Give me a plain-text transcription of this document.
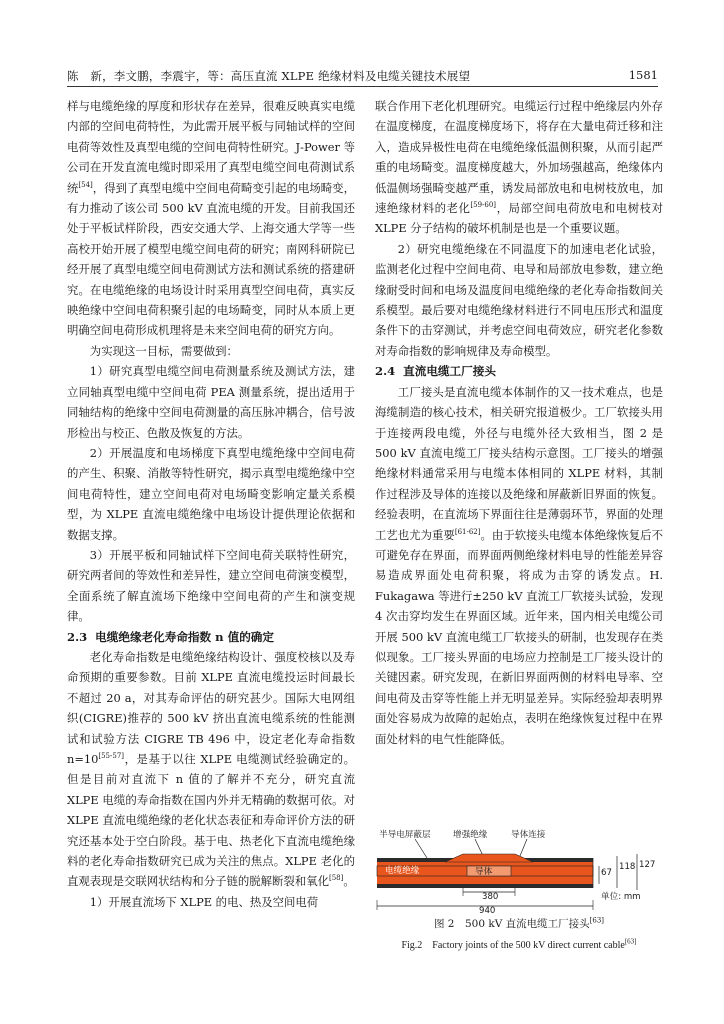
陈　新，李文鹏，李震宇，等：高压直流 XLPE 绝缘材料及电缆关键技术展望	1581

样与电缆绝缘的厚度和形状存在差异，很难反映真实电缆内部的空间电荷特性，为此需开展平板与同轴试样的空间电荷等效性及真型电缆的空间电荷特性研究。J-Power 等公司在开发直流电缆时即采用了真型电缆空间电荷测试系统[54]，得到了真型电缆中空间电荷畸变引起的电场畸变，有力推动了该公司 500 kV 直流电缆的开发。目前我国还处于平板试样阶段，西安交通大学、上海交通大学等一些高校开始开展了模型电缆空间电荷的研究；南网科研院已经开展了真型电缆空间电荷测试方法和测试系统的搭建研究。在电缆绝缘的电场设计时采用真型空间电荷，真实反映绝缘中空间电荷积聚引起的电场畸变，同时从本质上更明确空间电荷形成机理将是未来空间电荷的研究方向。

为实现这一目标，需要做到：

1）研究真型电缆空间电荷测量系统及测试方法，建立同轴真型电缆中空间电荷 PEA 测量系统，提出适用于同轴结构的绝缘中空间电荷测量的高压脉冲耦合，信号波形检出与校正、色散及恢复的方法。

2）开展温度和电场梯度下真型电缆绝缘中空间电荷的产生、积聚、消散等特性研究，揭示真型电缆绝缘中空间电荷特性，建立空间电荷对电场畸变影响定量关系模型，为 XLPE 直流电缆绝缘中电场设计提供理论依据和数据支撑。

3）开展平板和同轴试样下空间电荷关联特性研究，研究两者间的等效性和差异性，建立空间电荷演变模型，全面系统了解直流场下绝缘中空间电荷的产生和演变规律。

2.3 电缆绝缘老化寿命指数 n 值的确定

老化寿命指数是电缆绝缘结构设计、强度校核以及寿命预期的重要参数。目前 XLPE 直流电缆投运时间最长不超过 20 a，对其寿命评估的研究甚少。国际大电网组织(CIGRE)推荐的 500 kV 挤出直流电缆系统的性能测试和试验方法 CIGRE TB 496 中，设定老化寿命指数 n=10[55-57]，是基于以往 XLPE 电缆测试经验确定的。但是目前对直流下 n 值的了解并不充分，研究直流 XLPE 电缆的寿命指数在国内外并无精确的数据可依。对 XLPE 直流电缆绝缘的老化状态表征和寿命评价方法的研究还基本处于空白阶段。基于电、热老化下直流电缆绝缘料的老化寿命指数研究已成为关注的焦点。XLPE 老化的直观表现是交联网状结构和分子链的脱解断裂和氧化[58]。

1）开展直流场下 XLPE 的电、热及空间电荷

联合作用下老化机理研究。电缆运行过程中绝缘层内外存在温度梯度，在温度梯度场下，将存在大量电荷迁移和注入，造成异极性电荷在电缆绝缘低温侧积聚，从而引起严重的电场畸变。温度梯度越大，外加场强越高，绝缘体内低温侧场强畸变越严重，诱发局部放电和电树枝放电，加速绝缘材料的老化[59-60]，局部空间电荷放电和电树枝对 XLPE 分子结构的破坏机制是也是一个重要议题。

2）研究电缆绝缘在不同温度下的加速电老化试验，监测老化过程中空间电荷、电导和局部放电参数，建立绝缘耐受时间和电场及温度间电缆绝缘的老化寿命指数间关系模型。最后要对电缆绝缘材料进行不同电压形式和温度条件下的击穿测试，并考虑空间电荷效应，研究老化参数对寿命指数的影响规律及寿命模型。

2.4 直流电缆工厂接头

工厂接头是直流电缆本体制作的又一技术难点，也是海缆制造的核心技术，相关研究报道极少。工厂软接头用于连接两段电缆，外径与电缆外径大致相当，图 2 是 500 kV 直流电缆工厂接头结构示意图。工厂接头的增强绝缘材料通常采用与电缆本体相同的 XLPE 材料，其制作过程涉及导体的连接以及绝缘和屏蔽新旧界面的恢复。经验表明，在直流场下界面往往是薄弱环节，界面的处理工艺也尤为重要[61-62]。由于软接头电缆本体绝缘恢复后不可避免存在界面，而界面两侧绝缘材料电导的性能差异容易造成界面处电荷积聚，将成为击穿的诱发点。H. Fukagawa 等进行±250 kV 直流工厂软接头试验，发现 4 次击穿均发生在界面区域。近年来，国内相关电缆公司开展 500 kV 直流电缆工厂软接头的研制，也发现存在类似现象。工厂接头界面的电场应力控制是工厂接头设计的关键因素。研究发现，在新旧界面两侧的材料电导率、空间电荷及击穿等性能上并无明显差异。实际经验却表明界面处容易成为故障的起始点，表明在绝缘恢复过程中在界面处材料的电气性能降低。

半导电屏蔽层	增强绝缘	导体连接
电缆绝缘	导体
380
940
67
118 127
单位: mm
图 2　500 kV 直流电缆工厂接头[63]
Fig.2　Factory joints of the 500 kV direct current cable[63]
